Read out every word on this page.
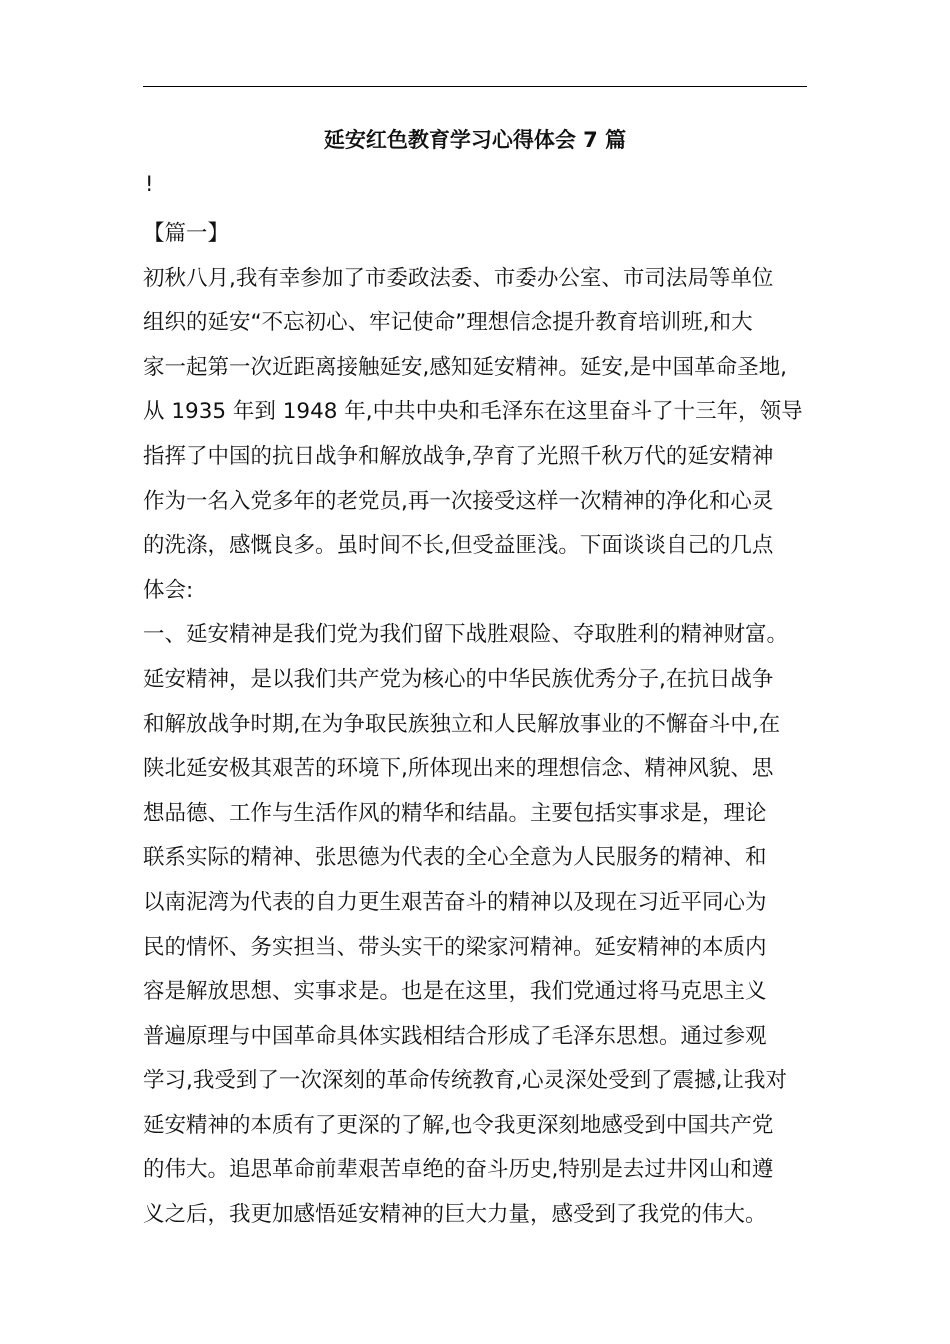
延安红色教育学习心得体会 7 篇
!
【篇一】
初秋八月,我有幸参加了市委政法委、市委办公室、市司法局等单位
组织的延安“不忘初心、牢记使命”理想信念提升教育培训班,和大
家一起第一次近距离接触延安,感知延安精神。延安,是中国革命圣地,
从 1935 年到 1948 年,中共中央和毛泽东在这里奋斗了十三年，领导
指挥了中国的抗日战争和解放战争,孕育了光照千秋万代的延安精神
作为一名入党多年的老党员,再一次接受这样一次精神的净化和心灵
的洗涤，感慨良多。虽时间不长,但受益匪浅。下面谈谈自己的几点
体会:
一、延安精神是我们党为我们留下战胜艰险、夺取胜利的精神财富。
延安精神，是以我们共产党为核心的中华民族优秀分子,在抗日战争
和解放战争时期,在为争取民族独立和人民解放事业的不懈奋斗中,在
陕北延安极其艰苦的环境下,所体现出来的理想信念、精神风貌、思
想品德、工作与生活作风的精华和结晶。主要包括实事求是，理论
联系实际的精神、张思德为代表的全心全意为人民服务的精神、和
以南泥湾为代表的自力更生艰苦奋斗的精神以及现在习近平同心为
民的情怀、务实担当、带头实干的梁家河精神。延安精神的本质内
容是解放思想、实事求是。也是在这里，我们党通过将马克思主义
普遍原理与中国革命具体实践相结合形成了毛泽东思想。通过参观
学习,我受到了一次深刻的革命传统教育,心灵深处受到了震撼,让我对
延安精神的本质有了更深的了解,也令我更深刻地感受到中国共产党
的伟大。追思革命前辈艰苦卓绝的奋斗历史,特别是去过井冈山和遵
义之后，我更加感悟延安精神的巨大力量，感受到了我党的伟大。
